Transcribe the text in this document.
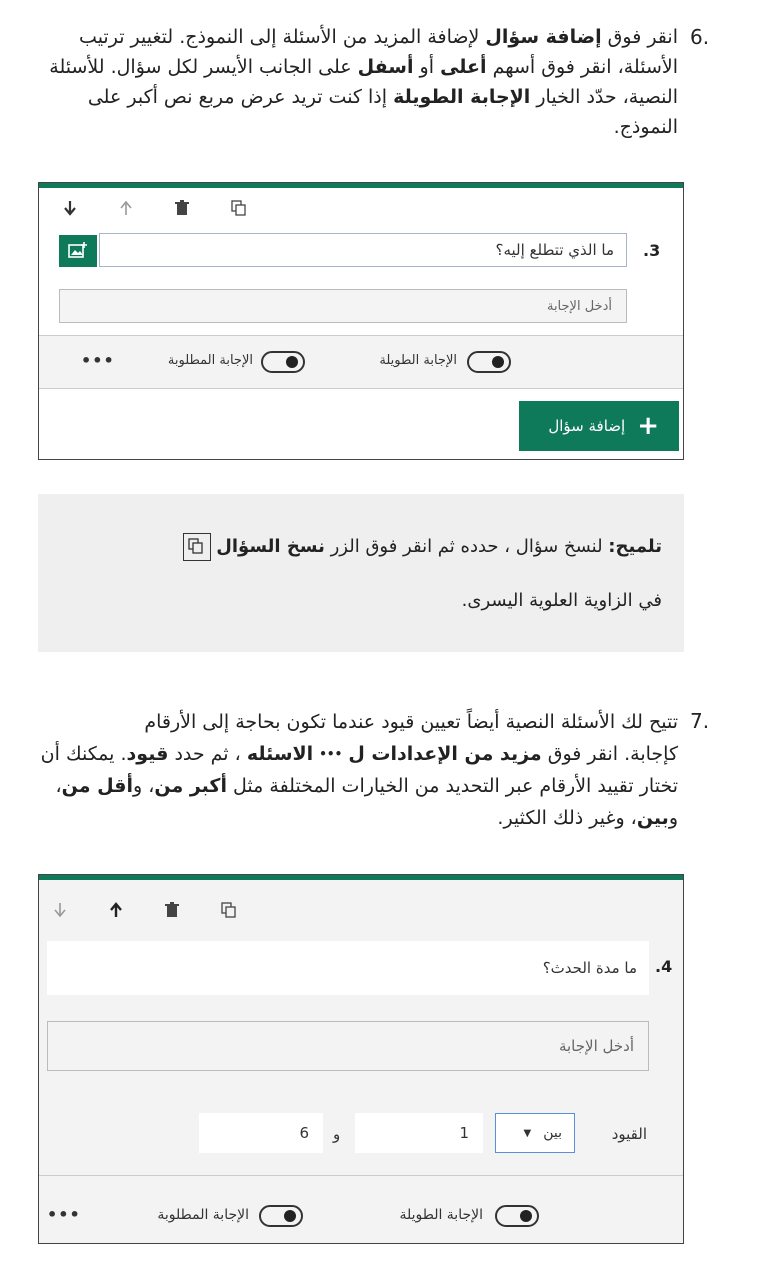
6.
انقر فوق إضافة سؤال لإضافة المزيد من الأسئلة إلى النموذج. لتغيير ترتيب الأسئلة، انقر فوق أسهم أعلى أو أسفل على الجانب الأيسر لكل سؤال. للأسئلة النصية، حدّد الخيار الإجابة الطويلة إذا كنت تريد عرض مربع نص أكبر على النموذج.
ما الذي تتطلع إليه؟	.3
أدخل الإجابة
الإجابة الطويلة
الإجابة المطلوبة
•••
+
إضافة سؤال
تلميح: لنسخ سؤال ، حدده ثم انقر فوق الزر نسخ السؤال
في الزاوية العلوية اليسرى.
7.
تتيح لك الأسئلة النصية أيضاً تعيين قيود عندما تكون بحاجة إلى الأرقام
كإجابة. انقر فوق مزيد من الإعدادات ل ••• الاسئله ، ثم حدد قيود. يمكنك أن تختار تقييد الأرقام عبر التحديد من الخيارات المختلفة مثل أكبر من، وأقل من، وبين، وغير ذلك الكثير.
ما مدة الحدث؟ .4
أدخل الإجابة
القيود
بين
▼
1
و
6
الإجابة الطويلة
الإجابة المطلوبة
•••
